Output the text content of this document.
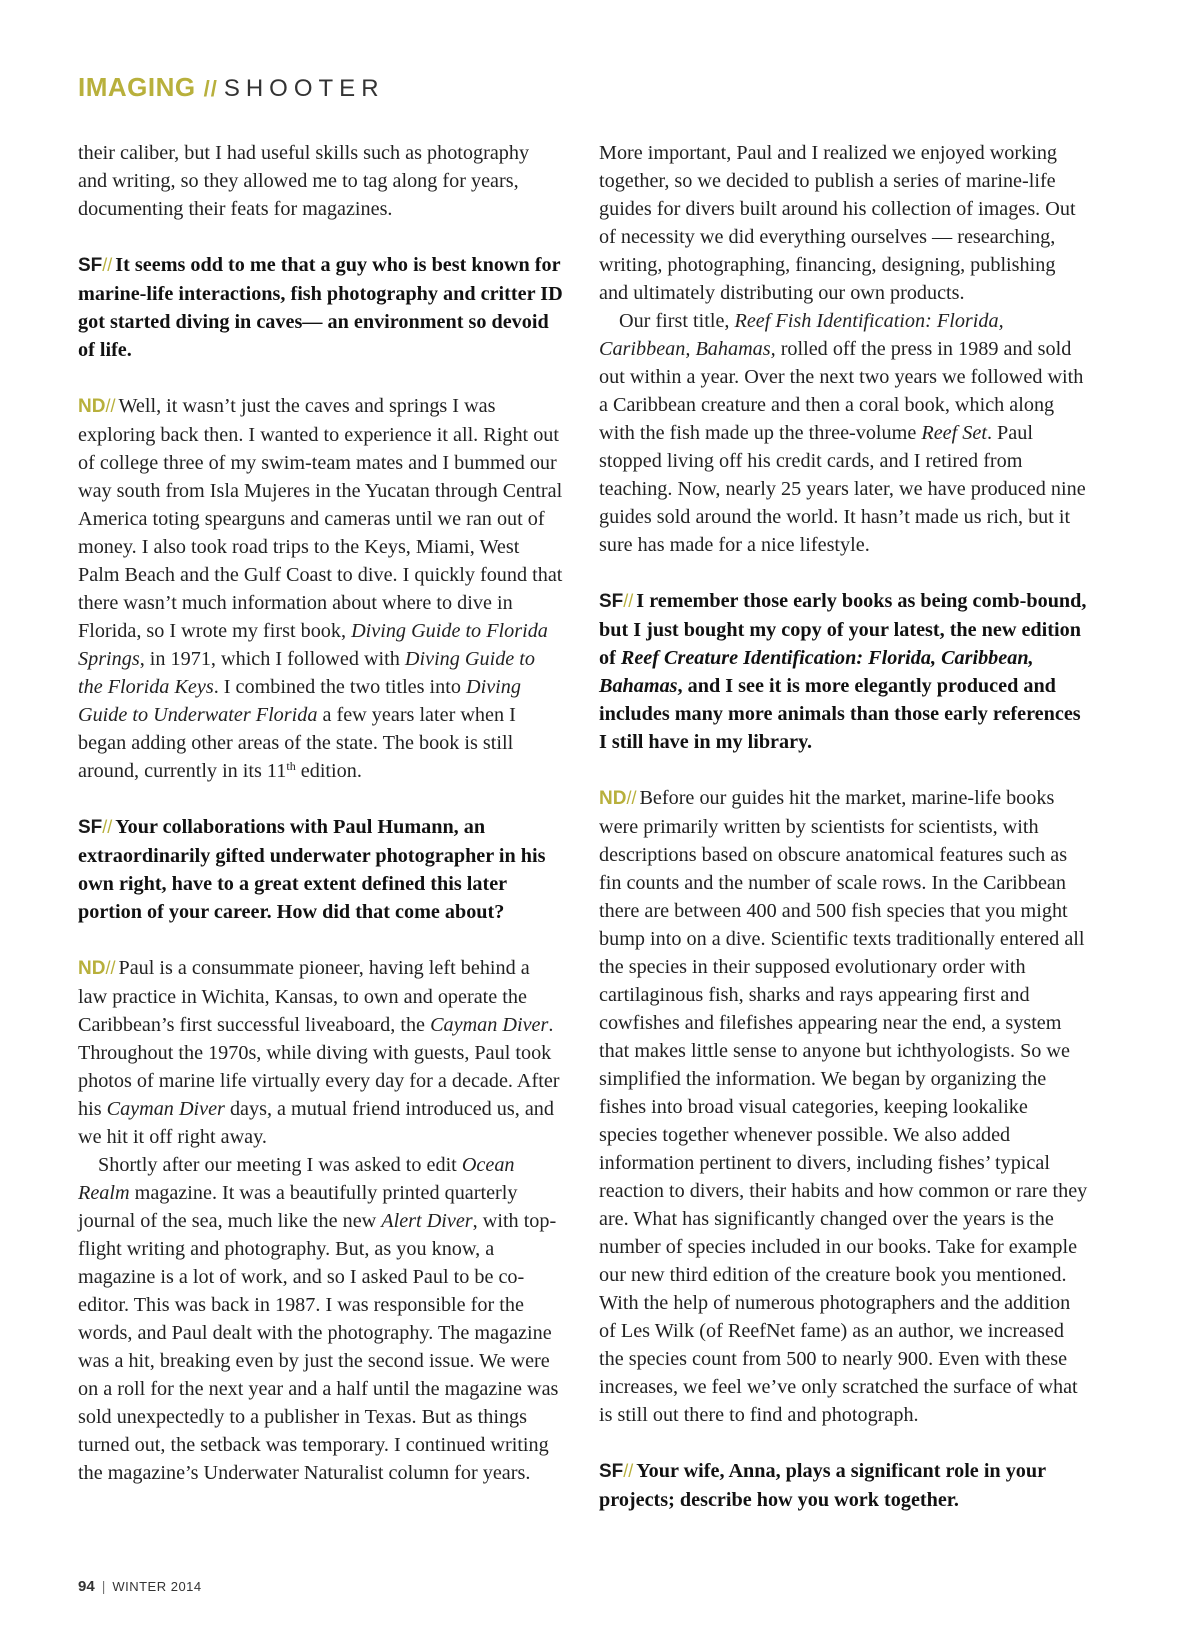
IMAGING // SHOOTER

their caliber, but I had useful skills such as photography and writing, so they allowed me to tag along for years, documenting their feats for magazines.

SF// It seems odd to me that a guy who is best known for marine-life interactions, fish photography and critter ID got started diving in caves— an environment so devoid of life.

ND// Well, it wasn’t just the caves and springs I was exploring back then. I wanted to experience it all. Right out of college three of my swim-team mates and I bummed our way south from Isla Mujeres in the Yucatan through Central America toting spearguns and cameras until we ran out of money. I also took road trips to the Keys, Miami, West Palm Beach and the Gulf Coast to dive. I quickly found that there wasn’t much information about where to dive in Florida, so I wrote my first book, Diving Guide to Florida Springs, in 1971, which I followed with Diving Guide to the Florida Keys. I combined the two titles into Diving Guide to Underwater Florida a few years later when I began adding other areas of the state. The book is still around, currently in its 11th edition.

SF// Your collaborations with Paul Humann, an extraordinarily gifted underwater photographer in his own right, have to a great extent defined this later portion of your career. How did that come about?

ND// Paul is a consummate pioneer, having left behind a law practice in Wichita, Kansas, to own and operate the Caribbean’s first successful liveaboard, the Cayman Diver. Throughout the 1970s, while diving with guests, Paul took photos of marine life virtually every day for a decade. After his Cayman Diver days, a mutual friend introduced us, and we hit it off right away.

Shortly after our meeting I was asked to edit Ocean Realm magazine. It was a beautifully printed quarterly journal of the sea, much like the new Alert Diver, with top-flight writing and photography. But, as you know, a magazine is a lot of work, and so I asked Paul to be co-editor. This was back in 1987. I was responsible for the words, and Paul dealt with the photography. The magazine was a hit, breaking even by just the second issue. We were on a roll for the next year and a half until the magazine was sold unexpectedly to a publisher in Texas. But as things turned out, the setback was temporary. I continued writing the magazine’s Underwater Naturalist column for years.

More important, Paul and I realized we enjoyed working together, so we decided to publish a series of marine-life guides for divers built around his collection of images. Out of necessity we did everything ourselves — researching, writing, photographing, financing, designing, publishing and ultimately distributing our own products.

Our first title, Reef Fish Identification: Florida, Caribbean, Bahamas, rolled off the press in 1989 and sold out within a year. Over the next two years we followed with a Caribbean creature and then a coral book, which along with the fish made up the three-volume Reef Set. Paul stopped living off his credit cards, and I retired from teaching. Now, nearly 25 years later, we have produced nine guides sold around the world. It hasn’t made us rich, but it sure has made for a nice lifestyle.

SF// I remember those early books as being comb-bound, but I just bought my copy of your latest, the new edition of Reef Creature Identification: Florida, Caribbean, Bahamas, and I see it is more elegantly produced and includes many more animals than those early references I still have in my library.

ND// Before our guides hit the market, marine-life books were primarily written by scientists for scientists, with descriptions based on obscure anatomical features such as fin counts and the number of scale rows. In the Caribbean there are between 400 and 500 fish species that you might bump into on a dive. Scientific texts traditionally entered all the species in their supposed evolutionary order with cartilaginous fish, sharks and rays appearing first and cowfishes and filefishes appearing near the end, a system that makes little sense to anyone but ichthyologists. So we simplified the information. We began by organizing the fishes into broad visual categories, keeping lookalike species together whenever possible. We also added information pertinent to divers, including fishes’ typical reaction to divers, their habits and how common or rare they are. What has significantly changed over the years is the number of species included in our books. Take for example our new third edition of the creature book you mentioned. With the help of numerous photographers and the addition of Les Wilk (of ReefNet fame) as an author, we increased the species count from 500 to nearly 900. Even with these increases, we feel we’ve only scratched the surface of what is still out there to find and photograph.

SF// Your wife, Anna, plays a significant role in your projects; describe how you work together.

94 | WINTER 2014
